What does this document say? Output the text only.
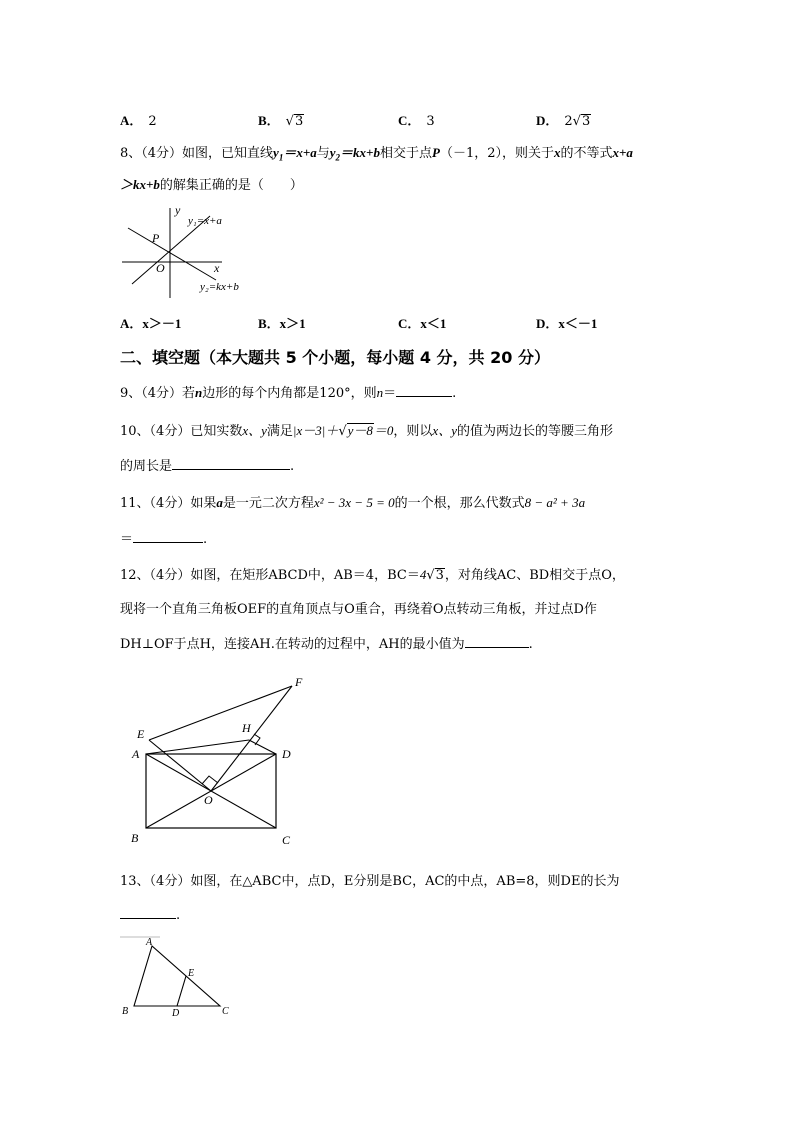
A． 2	B． √3	C． 3	D． 2√3
8、（4分）如图，已知直线$y_1=x+a$与$y_2=kx+b$相交于点P（－1，2），则关于x的不等式x+a
＞kx+b的解集正确的是（　　）
y
x
O
P
y₁=x+a
y₂=kx+b
A．x＞－1	B．x＞1	C．x＜1	D．x＜－1
二、填空题（本大题共 5 个小题，每小题 4 分，共 20 分）
9、（4分）若n边形的每个内角都是120°，则n＝	.
10、（4分）已知实数x、y满足|x－3|＋√y－8＝0，则以x、y的值为两边长的等腰三角形
的周长是	.
11、（4分）如果a是一元二次方程x² − 3x − 5 = 0的一个根，那么代数式8 − a² + 3a
＝	.
12、（4分）如图，在矩形ABCD中，AB＝4，BC＝4√3，对角线AC、BD相交于点O，
现将一个直角三角板OEF的直角顶点与O重合，再绕着O点转动三角板，并过点D作
DH⊥OF于点H，连接AH.在转动的过程中，AH的最小值为	.
A
B	C
D
E
F
H
O
13、（4分）如图，在△ABC中，点D，E分别是BC，AC的中点，AB=8，则DE的长为
.
A
B	C
D
E
